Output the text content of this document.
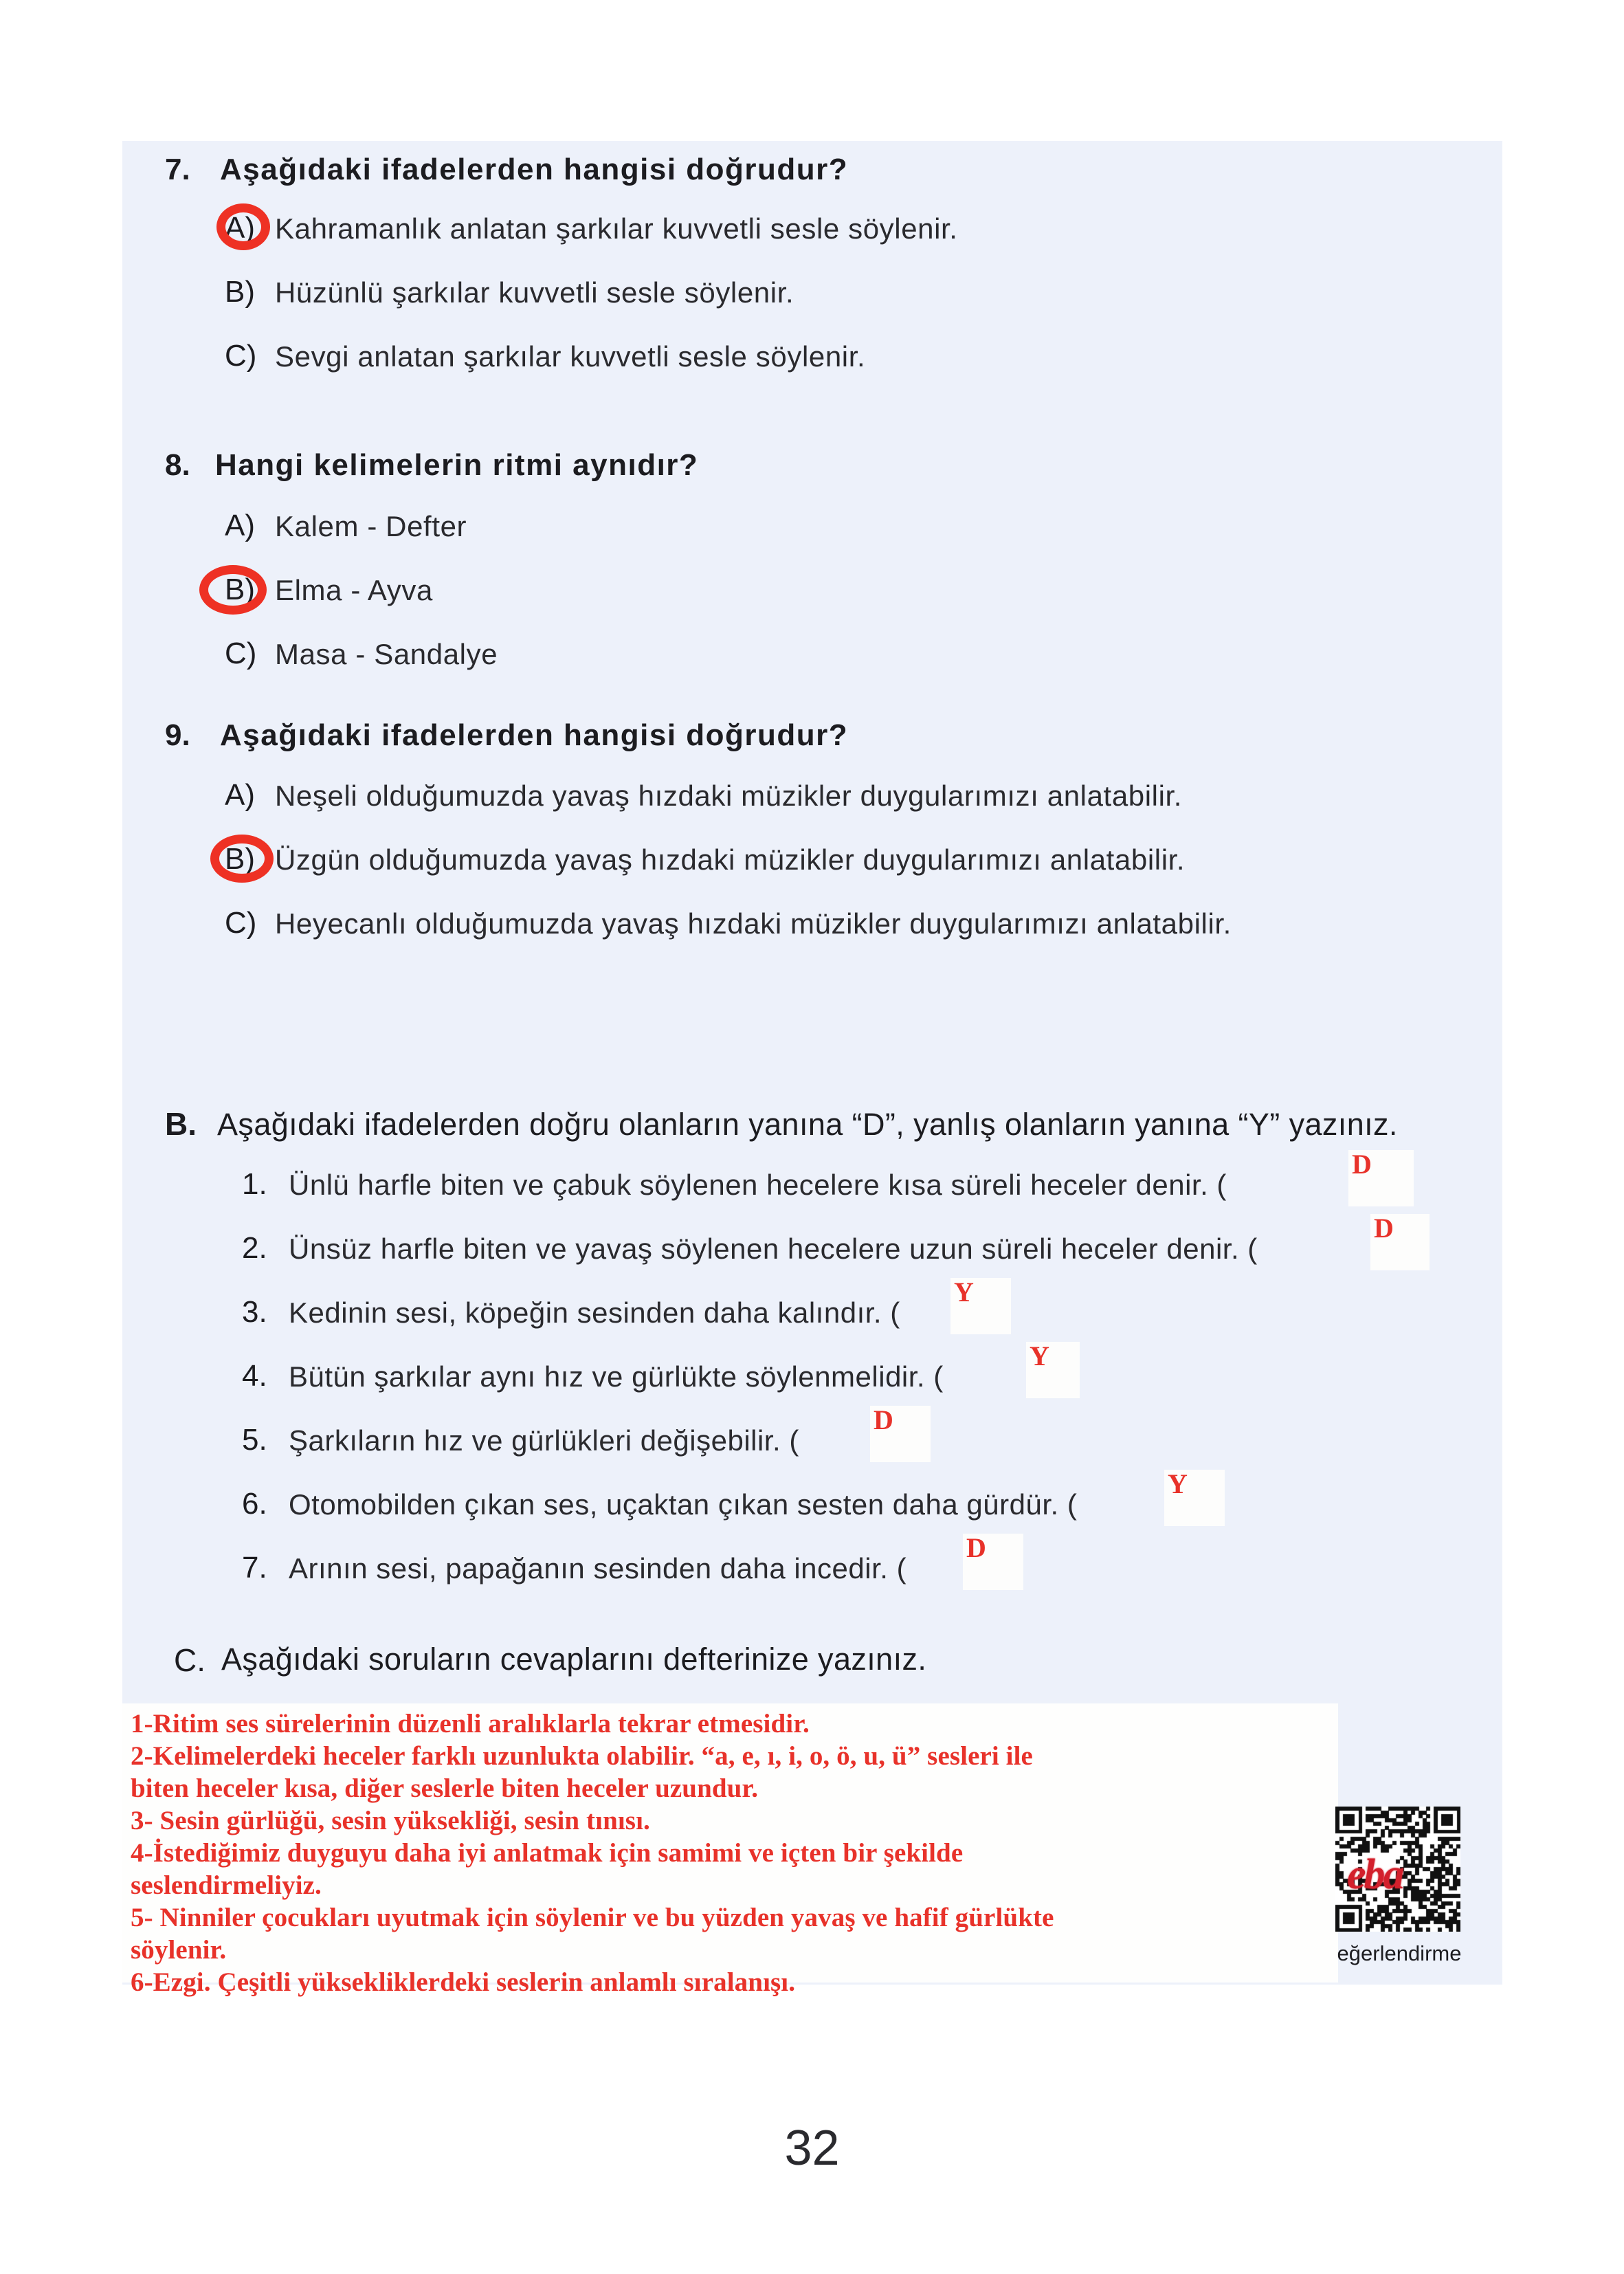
7. Aşağıdaki ifadelerden hangisi doğrudur?
A) Kahramanlık anlatan şarkılar kuvvetli sesle söylenir.
B) Hüzünlü şarkılar kuvvetli sesle söylenir.
C) Sevgi anlatan şarkılar kuvvetli sesle söylenir.
8. Hangi kelimelerin ritmi aynıdır?
A) Kalem - Defter
B) Elma - Ayva
C) Masa - Sandalye
9. Aşağıdaki ifadelerden hangisi doğrudur?
A) Neşeli olduğumuzda yavaş hızdaki müzikler duygularımızı anlatabilir.
B) Üzgün olduğumuzda yavaş hızdaki müzikler duygularımızı anlatabilir.
C) Heyecanlı olduğumuzda yavaş hızdaki müzikler duygularımızı anlatabilir.
B. Aşağıdaki ifadelerden doğru olanların yanına “D”, yanlış olanların yanına “Y” yazınız.
1. Ünlü harfle biten ve çabuk söylenen hecelere kısa süreli heceler denir. (
D
2. Ünsüz harfle biten ve yavaş söylenen hecelere uzun süreli heceler denir. (
D
3. Kedinin sesi, köpeğin sesinden daha kalındır. (
Y
4. Bütün şarkılar aynı hız ve gürlükte söylenmelidir. (
Y
5. Şarkıların hız ve gürlükleri değişebilir. (
D
6. Otomobilden çıkan ses, uçaktan çıkan sesten daha gürdür. (
Y
7. Arının sesi, papağanın sesinden daha incedir. (
D
C. Aşağıdaki soruların cevaplarını defterinize yazınız.

1-Ritim ses sürelerinin düzenli aralıklarla tekrar etmesidir.

2-Kelimelerdeki heceler farklı uzunlukta olabilir. “a, e, ı, i, o, ö, u, ü” sesleri ile

biten heceler kısa, diğer seslerle biten heceler uzundur.

3- Sesin gürlüğü, sesin yüksekliği, sesin tınısı.

4-İstediğimiz duyguyu daha iyi anlatmak için samimi ve içten bir şekilde

seslendirmeliyiz.

5- Ninniler çocukları uyutmak için söylenir ve bu yüzden yavaş ve hafif gürlükte

söylenir.

6-Ezgi. Çeşitli yüksekliklerdeki seslerin anlamlı sıralanışı.

eba
eğerlendirme
32
